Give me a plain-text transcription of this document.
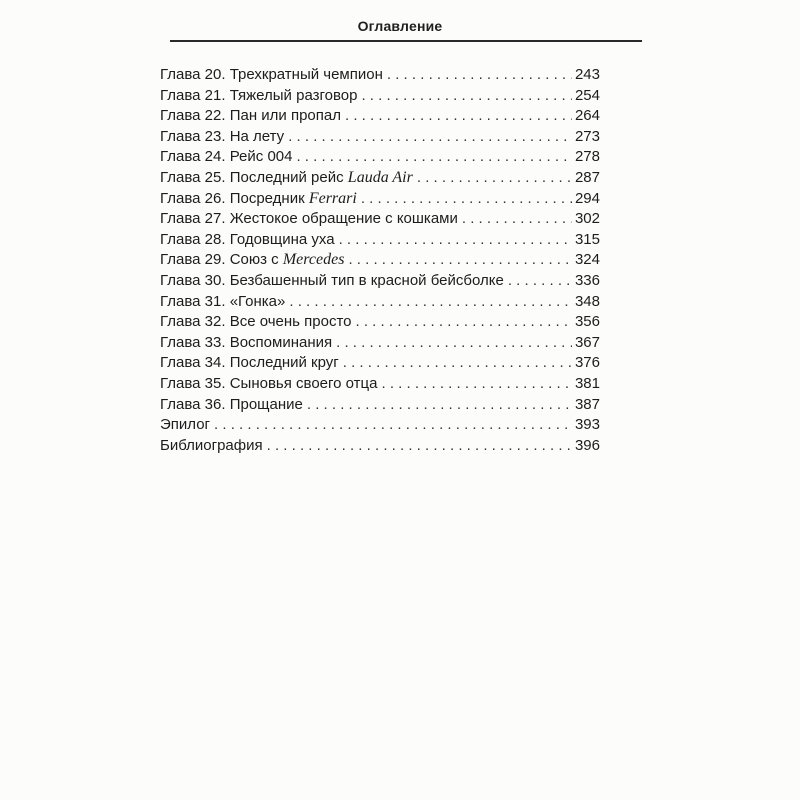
Оглавление
Глава 20. Трехкратный чемпион . . .	243
Глава 21. Тяжелый разговор . . .	254
Глава 22. Пан или пропал . . .	264
Глава 23. На лету . . .	273
Глава 24. Рейс 004 . . .	278
Глава 25. Последний рейс Lauda Air . . .	287
Глава 26. Посредник Ferrari . . .	294
Глава 27. Жестокое обращение с кошками . . .	302
Глава 28. Годовщина уха . . .	315
Глава 29. Союз с Mercedes . . .	324
Глава 30. Безбашенный тип в красной бейсболке . . .	336
Глава 31. «Гонка» . . .	348
Глава 32. Все очень просто . . .	356
Глава 33. Воспоминания . . .	367
Глава 34. Последний круг . . .	376
Глава 35. Сыновья своего отца . . .	381
Глава 36. Прощание . . .	387
Эпилог . . .	393
Библиография . . .	396
